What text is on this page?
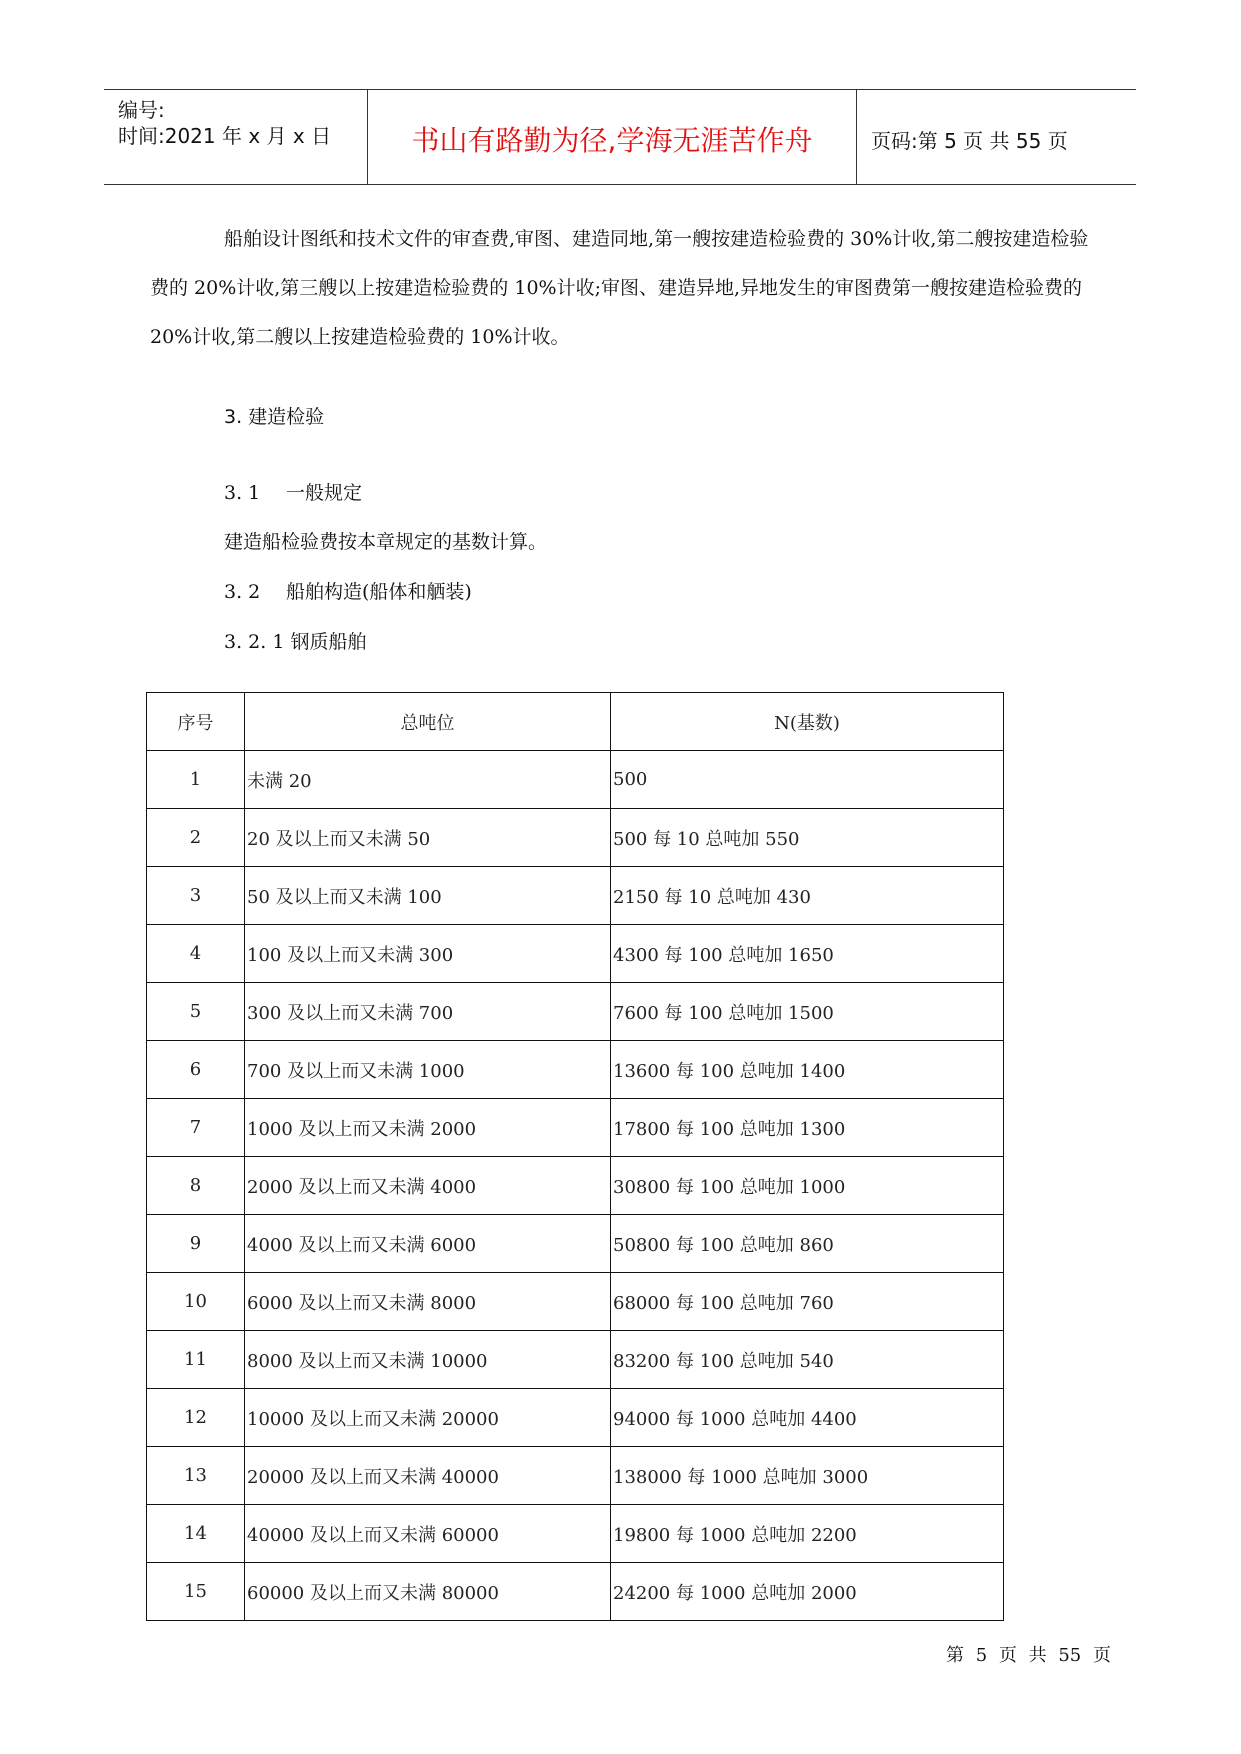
编号:
时间:2021 年 x 月 x 日	书山有路勤为径,学海无涯苦作舟	页码:第 5 页 共 55 页
船舶设计图纸和技术文件的审查费,审图、建造同地,第一艘按建造检验费的 30%计收,第二艘按建造检验费的 20%计收,第三艘以上按建造检验费的 10%计收;审图、建造异地,异地发生的审图费第一艘按建造检验费的 20%计收,第二艘以上按建造检验费的 10%计收。
3. 建造检验
3. 1 一般规定
建造船检验费按本章规定的基数计算。
3. 2 船舶构造(船体和舾装)
3. 2. 1 钢质船舶
序号	总吨位	N(基数)
1	未满 20	500
2	20 及以上而又未满 50	500 每 10 总吨加 550
3	50 及以上而又未满 100	2150 每 10 总吨加 430
4	100 及以上而又未满 300	4300 每 100 总吨加 1650
5	300 及以上而又未满 700	7600 每 100 总吨加 1500
6	700 及以上而又未满 1000	13600 每 100 总吨加 1400
7	1000 及以上而又未满 2000	17800 每 100 总吨加 1300
8	2000 及以上而又未满 4000	30800 每 100 总吨加 1000
9	4000 及以上而又未满 6000	50800 每 100 总吨加 860
10	6000 及以上而又未满 8000	68000 每 100 总吨加 760
11	8000 及以上而又未满 10000	83200 每 100 总吨加 540
12	10000 及以上而又未满 20000	94000 每 1000 总吨加 4400
13	20000 及以上而又未满 40000	138000 每 1000 总吨加 3000
14	40000 及以上而又未满 60000	19800 每 1000 总吨加 2200
15	60000 及以上而又未满 80000	24200 每 1000 总吨加 2000
第 5 页 共 55 页
